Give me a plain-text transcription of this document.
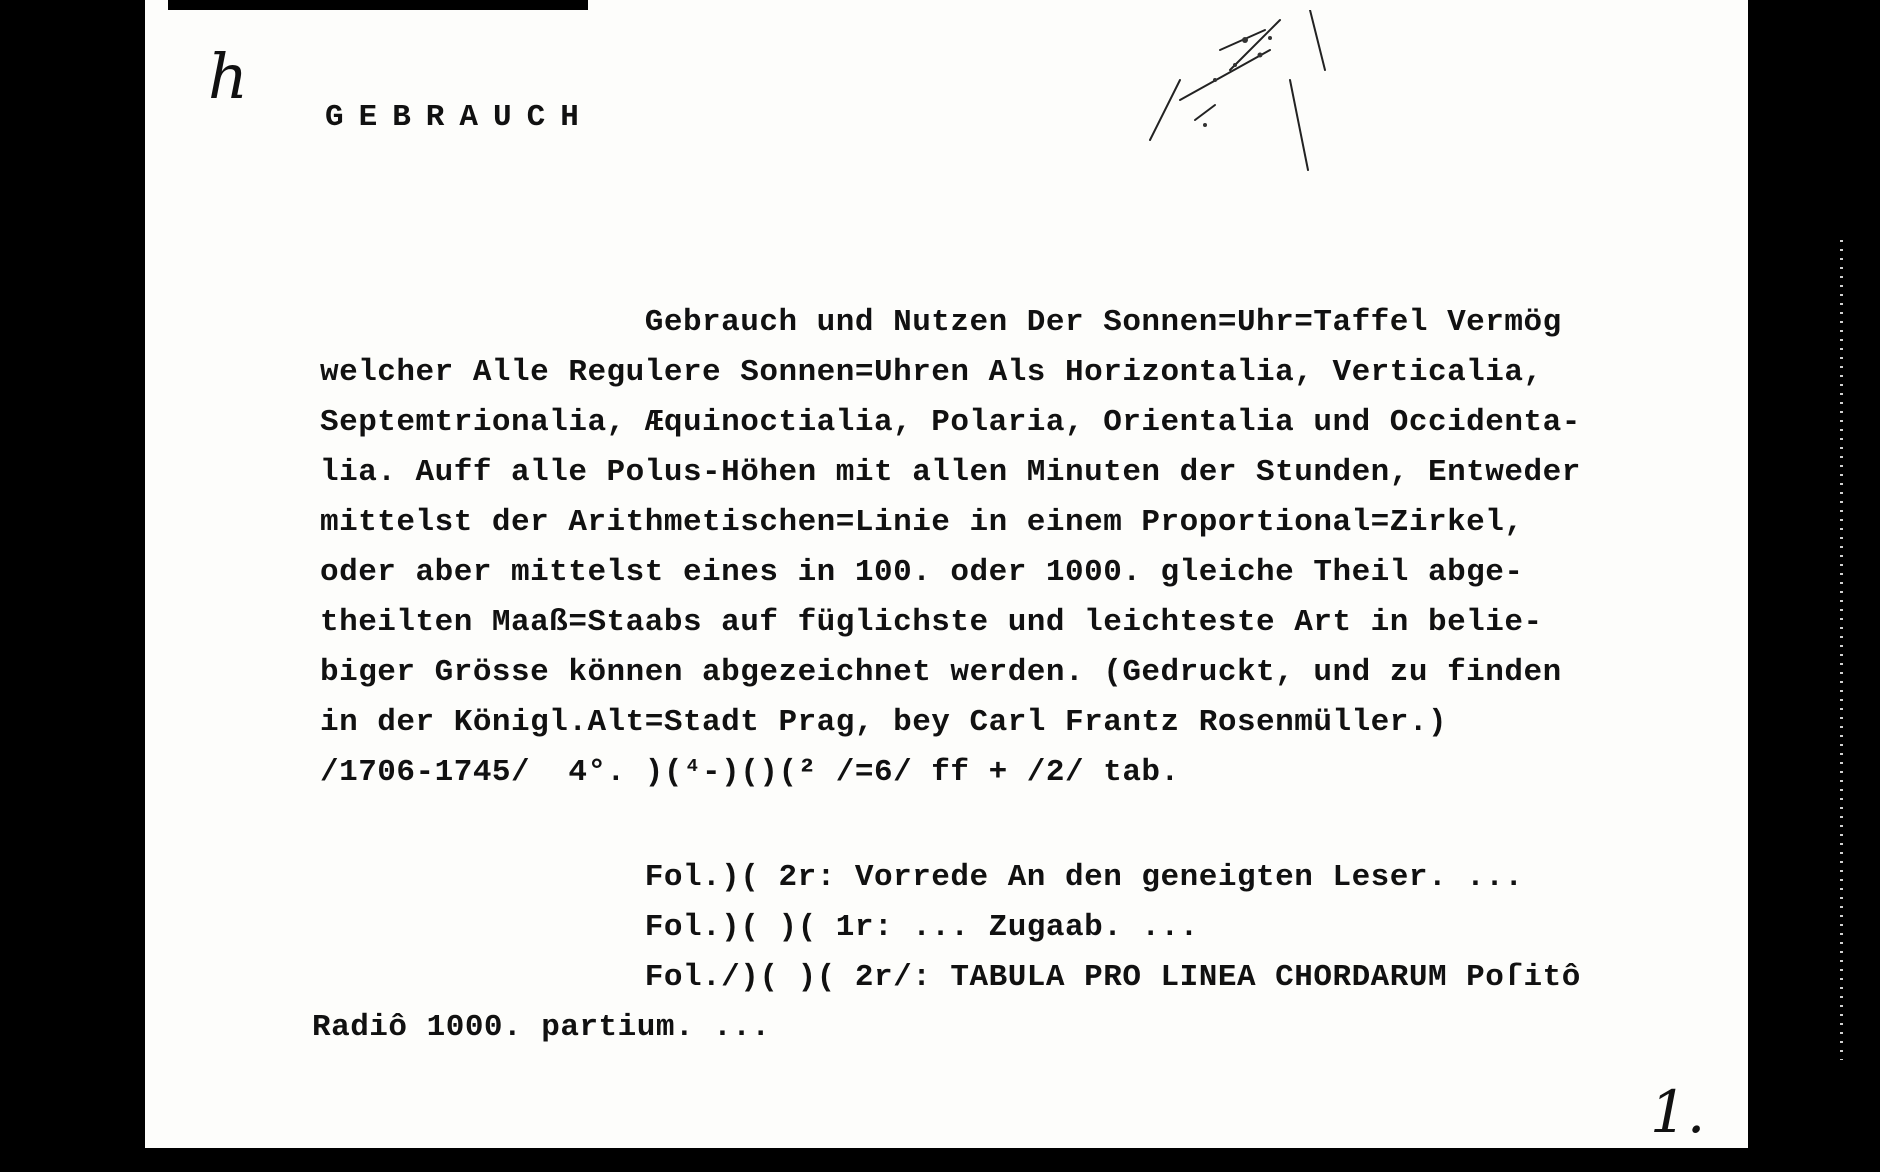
h
GEBRAUCH
Gebrauch und Nutzen Der Sonnen=Uhr=Taffel Vermög
welcher Alle Regulere Sonnen=Uhren Als Horizontalia, Verticalia,
Septemtrionalia, Æquinoctialia, Polaria, Orientalia und Occidenta-
lia. Auff alle Polus-Höhen mit allen Minuten der Stunden, Entweder
mittelst der Arithmetischen=Linie in einem Proportional=Zirkel,
oder aber mittelst eines in 100. oder 1000. gleiche Theil abge-
theilten Maaß=Staabs auf füglichste und leichteste Art in belie-
biger Grösse können abgezeichnet werden. (Gedruckt, und zu finden
in der Königl.Alt=Stadt Prag, bey Carl Frantz Rosenmüller.)
/1706-1745/  4°. )(⁴-)()(² /=6/ ff + /2/ tab.
Fol.)( 2r: Vorrede An den geneigten Leser. ...
Fol.)( )( 1r: ... Zugaab. ...
Fol./)( )( 2r/: TABULA PRO LINEA CHORDARUM Poſitô
Radiô 1000. partium. ...
1.
